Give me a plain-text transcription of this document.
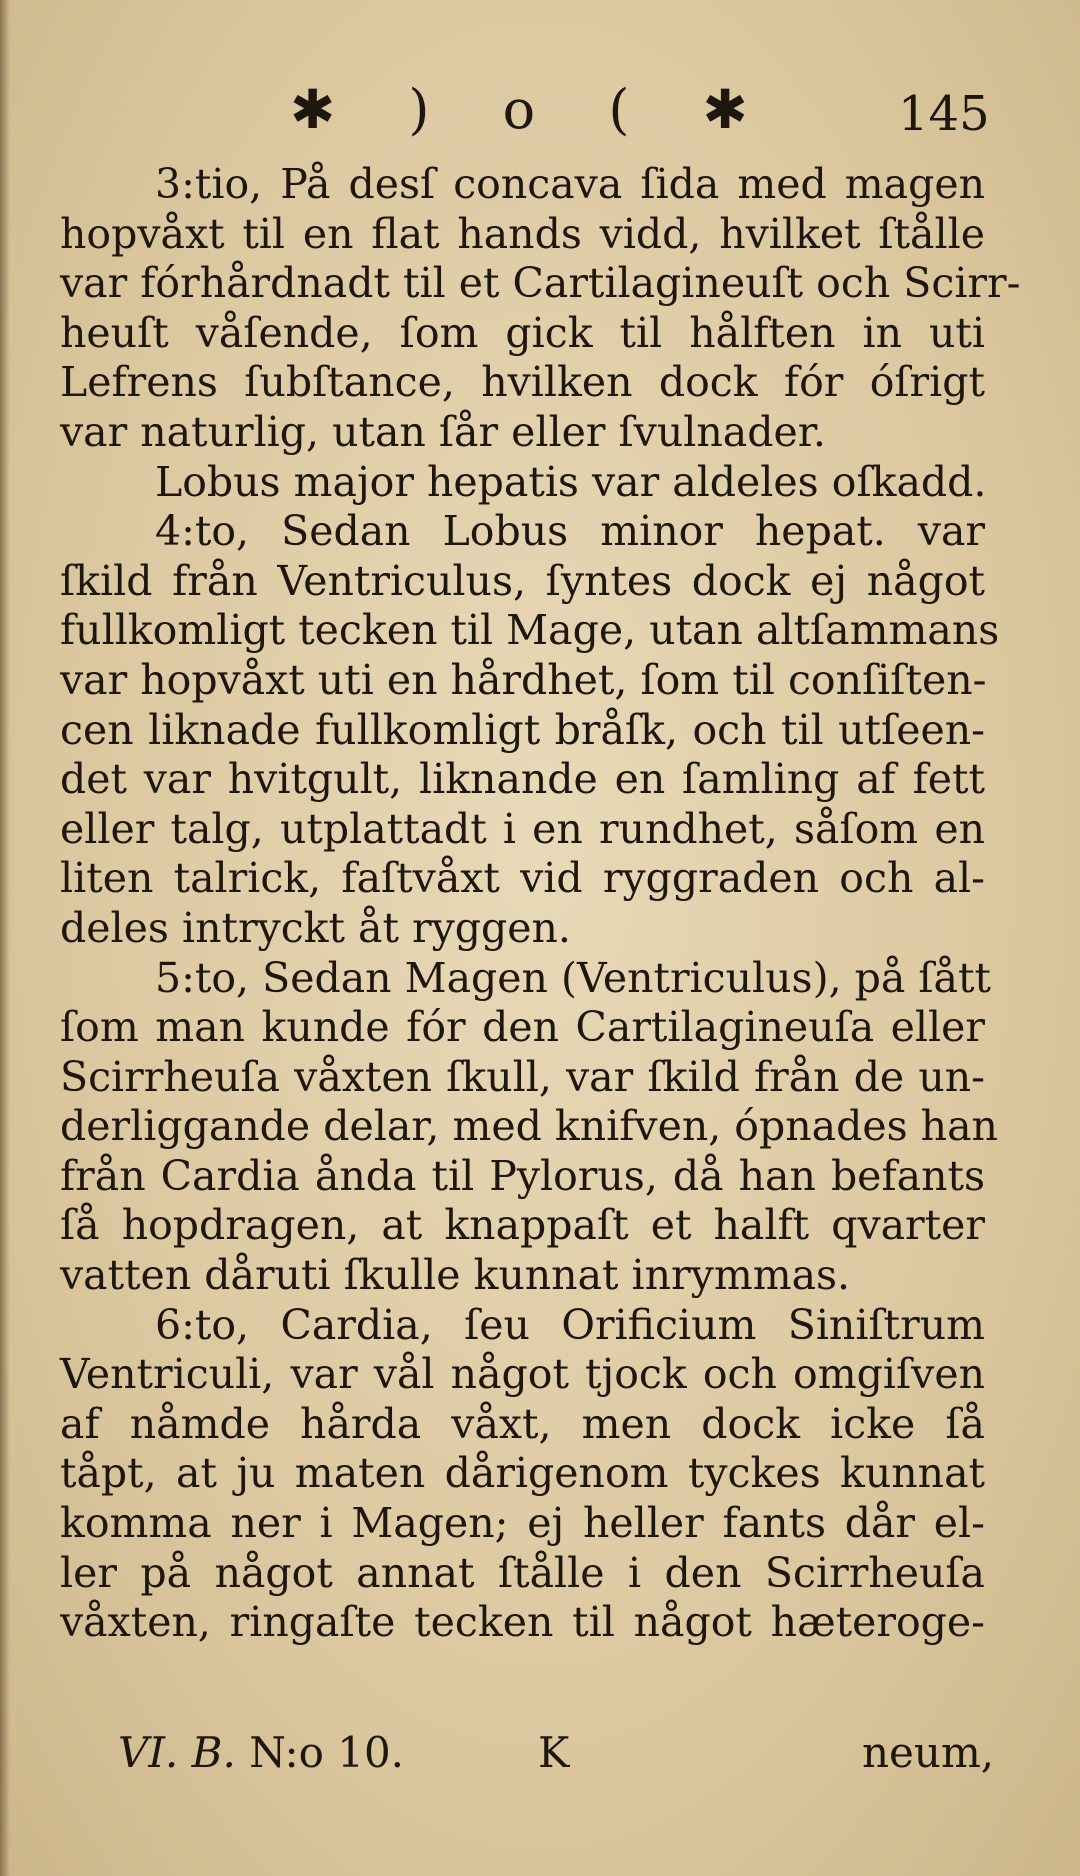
✱ ) o ( ✱	145
3:tio, På desſ concava ſida med magen
hopvåxt til en flat hands vidd, hvilket ſtålle
var fórhårdnadt til et Cartilagineuſt och Scirr-
heuſt våſende, ſom gick til hålften in uti
Lefrens ſubſtance, hvilken dock fór óſrigt
var naturlig, utan ſår eller ſvulnader.
Lobus major hepatis var aldeles oſkadd.
4:to, Sedan Lobus minor hepat. var
ſkild från Ventriculus, ſyntes dock ej något
fullkomligt tecken til Mage, utan altſammans
var hopvåxt uti en hårdhet, ſom til conſiſten-
cen liknade fullkomligt bråſk, och til utſeen-
det var hvitgult, liknande en ſamling af fett
eller talg, utplattadt i en rundhet, såſom en
liten talrick, faſtvåxt vid ryggraden och al-
deles intryckt åt ryggen.
5:to, Sedan Magen (Ventriculus), på ſått
ſom man kunde fór den Cartilagineuſa eller
Scirrheuſa våxten ſkull, var ſkild från de un-
derliggande delar, med knifven, ópnades han
från Cardia ånda til Pylorus, då han befants
ſå hopdragen, at knappaſt et halft qvarter
vatten dåruti ſkulle kunnat inrymmas.
6:to, Cardia, ſeu Orificium Siniſtrum
Ventriculi, var vål något tjock och omgiſven
af nåmde hårda våxt, men dock icke ſå
tåpt, at ju maten dårigenom tyckes kunnat
komma ner i Magen; ej heller fants dår el-
ler på något annat ſtålle i den Scirrheuſa
våxten, ringaſte tecken til något hæteroge-
VI. B. N:o 10.	K	neum,
